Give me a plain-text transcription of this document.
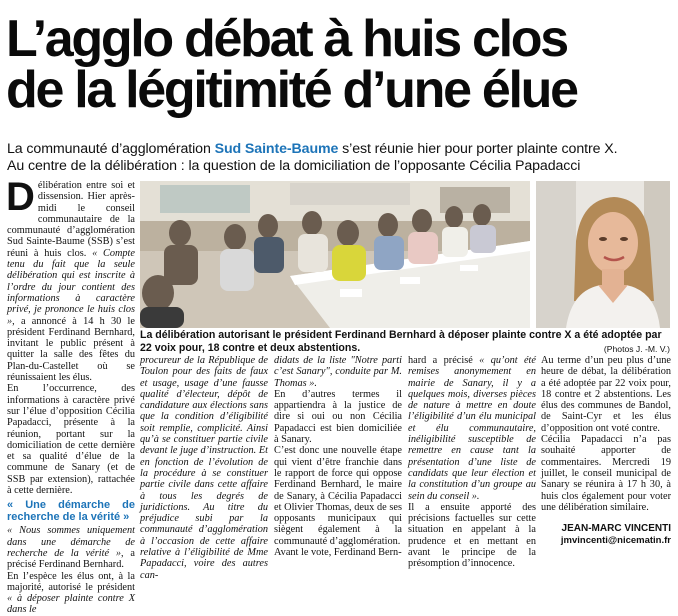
L’agglo débat à huis clos
de la légitimité d’une élue
La communauté d’agglomération Sud Sainte-Baume s’est réunie hier pour porter plainte contre X.
Au centre de la délibération : la question de la domiciliation de l’opposante Cécilia Papadacci
D élibération entre soi et dissension. Hier après-midi le conseil communautaire de la communauté d’agglomération Sud Sainte-Baume (SSB) s’est réuni à huis clos. « Compte tenu du fait que la seule délibération qui est inscrite à l’ordre du jour contient des informations à caractère privé, je prononce le huis clos », a annoncé à 14 h 30 le président Ferdinand Bernhard, invitant le public présent à quitter la salle des fêtes du Plan-du-Castellet où se réunissaient les élus.

En l’occurrence, des informations à caractère privé sur l’élue d’opposition Cécilia Papadacci, présente à la réunion, portant sur la domiciliation de cette dernière et sa qualité d’élue de la commune de Sanary (et de SSB par extension), rattachée à cette dernière.

« Une démarche de recherche de la vérité »

« Nous sommes uniquement dans une démarche de recherche de la vérité », a précisé Ferdinand Bernhard.

En l’espèce les élus ont, à la majorité, autorisé le président « à déposer plainte contre X dans le

La délibération autorisant le président Ferdinand Bernhard à déposer plainte contre X a été adoptée par 22 voix pour, 18 contre et deux abstentions.	(Photos J. -M. V.)

procureur de la République de Toulon pour des faits de faux et usage, usage d’une fausse qualité d’électeur, dépôt de candidature aux élections sans que la condition d’éligibilité soit remplie, complicité. Ainsi qu’à se constituer partie civile devant le juge d’instruction. Et en fonction de l’évolution de la procédure à se constituer partie civile dans cette affaire à tous les degrés de juridictions. Au titre du préjudice subi par la communauté d’agglomération à l’occasion de cette affaire relative à l’éligibilité de Mme Papadacci, voire des autres can-

didats de la liste "Notre parti c’est Sanary", conduite par M. Thomas ».

En d’autres termes il appartiendra à la justice de dire si oui ou non Cécilia Papadacci est bien domiciliée à Sanary.

C’est donc une nouvelle étape qui vient d’être franchie dans le rapport de force qui oppose Ferdinand Bernhard, le maire de Sanary, à Cécilia Papadacci et Olivier Thomas, deux de ses opposants municipaux qui siègent également à la communauté d’agglomération.

Avant le vote, Ferdinand Bern-

hard a précisé « qu’ont été remises anonymement en mairie de Sanary, il y a quelques mois, diverses pièces de nature à mettre en doute l’éligibilité d’un élu municipal et élu communautaire, inéligibilité susceptible de remettre en cause tant la présentation d’une liste de candidats que leur élection et la constitution d’un groupe au sein du conseil ».

Il a ensuite apporté des précisions factuelles sur cette situation en appelant à la prudence et en mettant en avant le principe de la présomption d’innocence.

Au terme d’un peu plus d’une heure de débat, la délibération a été adoptée par 22 voix pour, 18 contre et 2 abstentions. Les élus des communes de Bandol, de Saint-Cyr et les élus d’opposition ont voté contre.

Cécilia Papadacci n’a pas souhaité apporter de commentaires. Mercredi 19 juillet, le conseil municipal de Sanary se réunira à 17 h 30, à huis clos également pour voter une délibération similaire.

JEAN-MARC VINCENTI
jmvincenti@nicematin.fr
